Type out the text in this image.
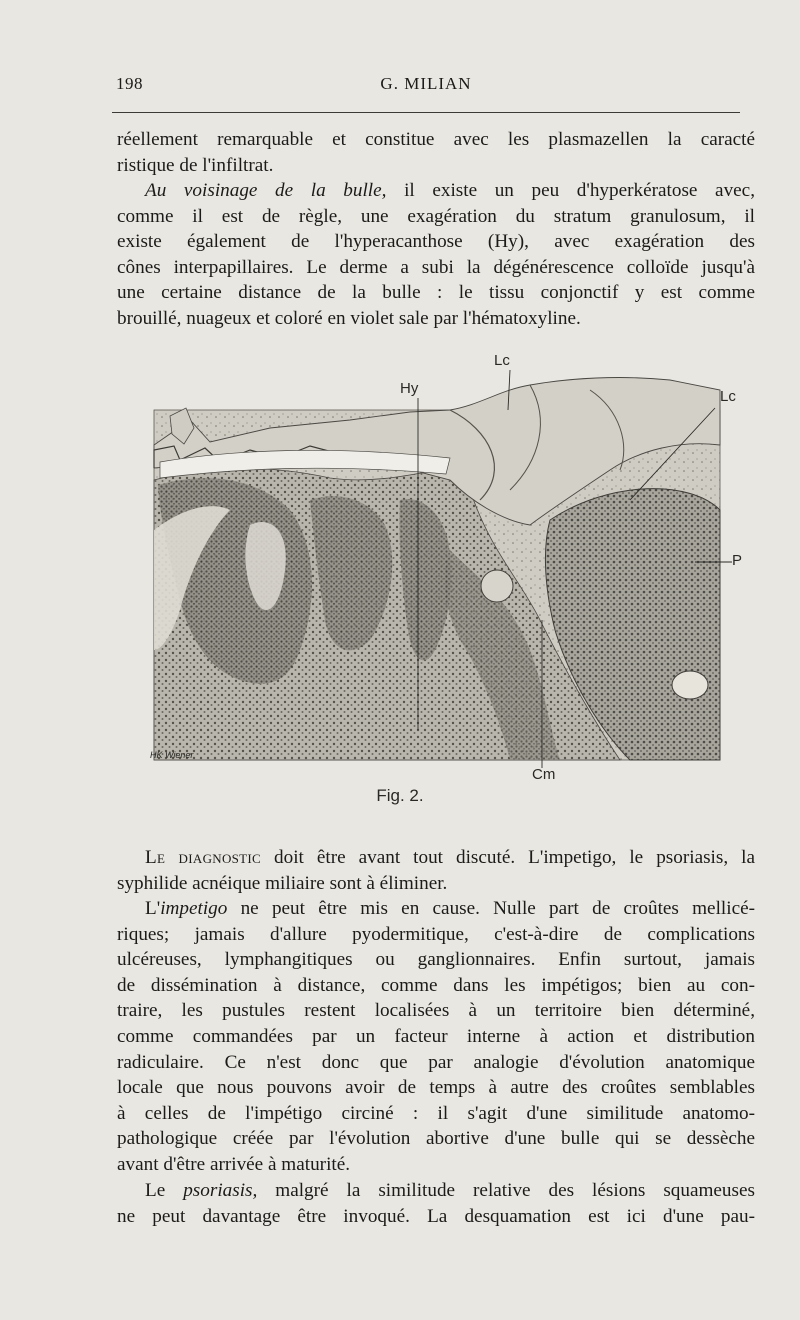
198	G. MILIAN

réellement remarquable et constitue avec les plasmazellen la caracté
ristique de l'infiltrat.

Au voisinage de la bulle, il existe un peu d'hyperkératose avec,
comme il est de règle, une exagération du stratum granulosum, il
existe également de l'hyperacanthose (Hy), avec exagération des
cônes interpapillaires. Le derme a subi la dégénérescence colloïde jusqu'à
une certaine distance de la bulle : le tissu conjonctif y est comme
brouillé, nuageux et coloré en violet sale par l'hématoxyline.

Lc
Hy	Lc
P
Cm
HK Wiener
Fig. 2.

Le diagnostic doit être avant tout discuté. L'impetigo, le psoriasis, la
syphilide acnéique miliaire sont à éliminer.

L'impetigo ne peut être mis en cause. Nulle part de croûtes mellicé-
riques; jamais d'allure pyodermitique, c'est-à-dire de complications
ulcéreuses, lymphangitiques ou ganglionnaires. Enfin surtout, jamais
de dissémination à distance, comme dans les impétigos; bien au con-
traire, les pustules restent localisées à un territoire bien déterminé,
comme commandées par un facteur interne à action et distribution
radiculaire. Ce n'est donc que par analogie d'évolution anatomique
locale que nous pouvons avoir de temps à autre des croûtes semblables
à celles de l'impétigo circiné : il s'agit d'une similitude anatomo-
pathologique créée par l'évolution abortive d'une bulle qui se dessèche
avant d'être arrivée à maturité.

Le psoriasis, malgré la similitude relative des lésions squameuses
ne peut davantage être invoqué. La desquamation est ici d'une pau-
